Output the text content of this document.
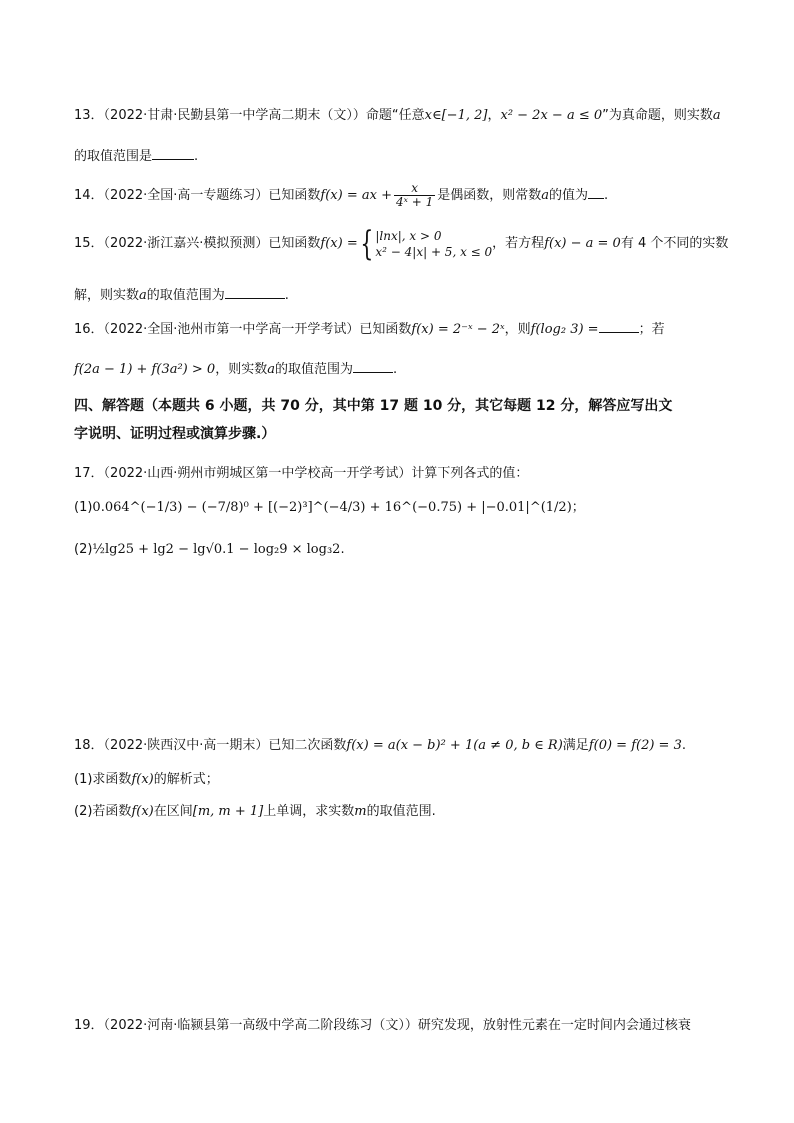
13．（2022·甘肃·民勤县第一中学高二期末（文））命题“任意x∈[−1, 2]，x² − 2x − a ≤ 0”为真命题，则实数a
的取值范围是	.
14．（2022·全国·高一专题练习）已知函数f(x) = ax + $\frac{x}{\text{4ˣ + 1}}$ 是偶函数，则常数a的值为 .
15．（2022·浙江嘉兴·模拟预测）已知函数f(x) ={ |lnx|, x > 0
x² − 4|x| + 5, x ≤ 0
，若方程f(x) − a = 0有 4 个不同的实数
解，则实数a的取值范围为	.
16．（2022·全国·池州市第一中学高一开学考试）已知函数f(x) = 2⁻ˣ − 2ˣ，则f(log₂ 3) =	；若
f(2a − 1) + f(3a²) > 0，则实数a的取值范围为	.
四、解答题（本题共 6 小题，共 70 分，其中第 17 题 10 分，其它每题 12 分，解答应写出文
字说明、证明过程或演算步骤.）
17．（2022·山西·朔州市朔城区第一中学校高一开学考试）计算下列各式的值：
(1)0.064^(−1/3) − (−7/8)⁰ + [(−2)³]^(−4/3) + 16^(−0.75) + |−0.01|^(1/2)；
(2)½lg25 + lg2 − lg√0.1 − log₂9 × log₃2.
18．（2022·陕西汉中·高一期末）已知二次函数f(x) = a(x − b)² + 1(a ≠ 0, b ∈ R)满足f(0) = f(2) = 3.
(1)求函数f(x)的解析式；
(2)若函数f(x)在区间[m, m + 1]上单调，求实数m的取值范围.
19．（2022·河南·临颍县第一高级中学高二阶段练习（文））研究发现，放射性元素在一定时间内会通过核衰
